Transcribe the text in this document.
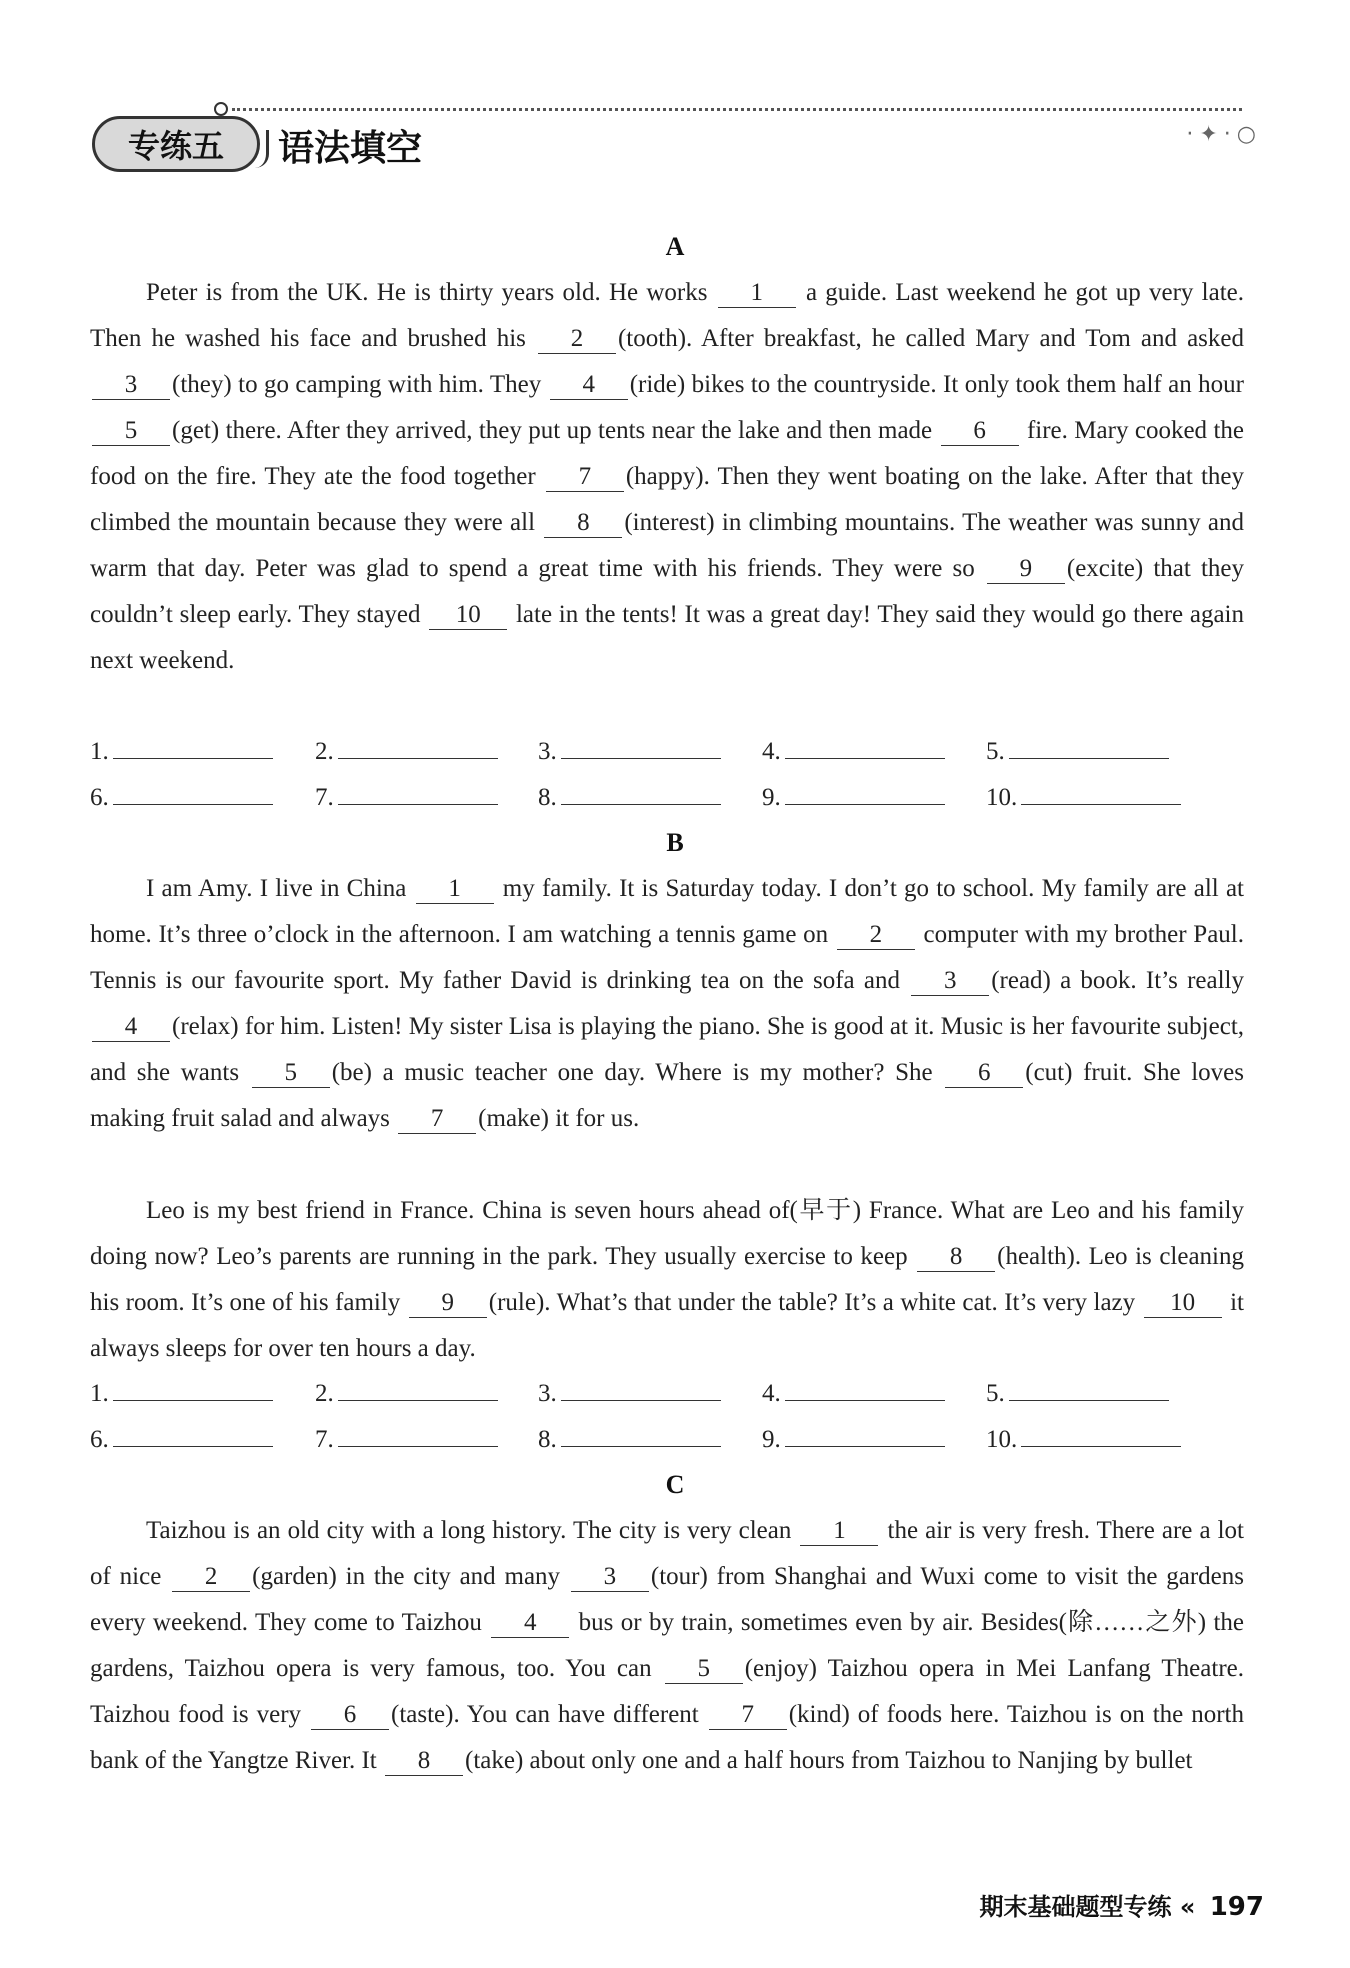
专练五	语法填空	·✦·○
A

Peter is from the UK. He is thirty years old. He works 1 a guide. Last weekend he got up very late. Then he washed his face and brushed his 2 (tooth). After breakfast, he called Mary and Tom and asked 3 (they) to go camping with him. They 4 (ride) bikes to the countryside. It only took them half an hour 5 (get) there. After they arrived, they put up tents near the lake and then made 6 fire. Mary cooked the food on the fire. They ate the food together 7 (happy). Then they went boating on the lake. After that they climbed the mountain because they were all 8 (interest) in climbing mountains. The weather was sunny and warm that day. Peter was glad to spend a great time with his friends. They were so 9 (excite) that they couldn’t sleep early. They stayed 10 late in the tents! It was a great day! They said they would go there again next weekend.

1.	2.	3.	4.	5.
6.	7.	8.	9.	10.
B

I am Amy. I live in China 1 my family. It is Saturday today. I don’t go to school. My family are all at home. It’s three o’clock in the afternoon. I am watching a tennis game on 2 computer with my brother Paul. Tennis is our favourite sport. My father David is drinking tea on the sofa and 3 (read) a book. It’s really 4 (relax) for him. Listen! My sister Lisa is playing the piano. She is good at it. Music is her favourite subject, and she wants 5 (be) a music teacher one day. Where is my mother? She 6 (cut) fruit. She loves making fruit salad and always 7 (make) it for us.

Leo is my best friend in France. China is seven hours ahead of(早于) France. What are Leo and his family doing now? Leo’s parents are running in the park. They usually exercise to keep 8 (health). Leo is cleaning his room. It’s one of his family 9 (rule). What’s that under the table? It’s a white cat. It’s very lazy 10 it always sleeps for over ten hours a day.

1.	2.	3.	4.	5.
6.	7.	8.	9.	10.
C

Taizhou is an old city with a long history. The city is very clean 1 the air is very fresh. There are a lot of nice 2 (garden) in the city and many 3 (tour) from Shanghai and Wuxi come to visit the gardens every weekend. They come to Taizhou 4 bus or by train, sometimes even by air. Besides(除……之外) the gardens, Taizhou opera is very famous, too. You can 5 (enjoy) Taizhou opera in Mei Lanfang Theatre. Taizhou food is very 6 (taste). You can have different 7 (kind) of foods here. Taizhou is on the north bank of the Yangtze River. It 8 (take) about only one and a half hours from Taizhou to Nanjing by bullet

期末基础题型专练 « 197
